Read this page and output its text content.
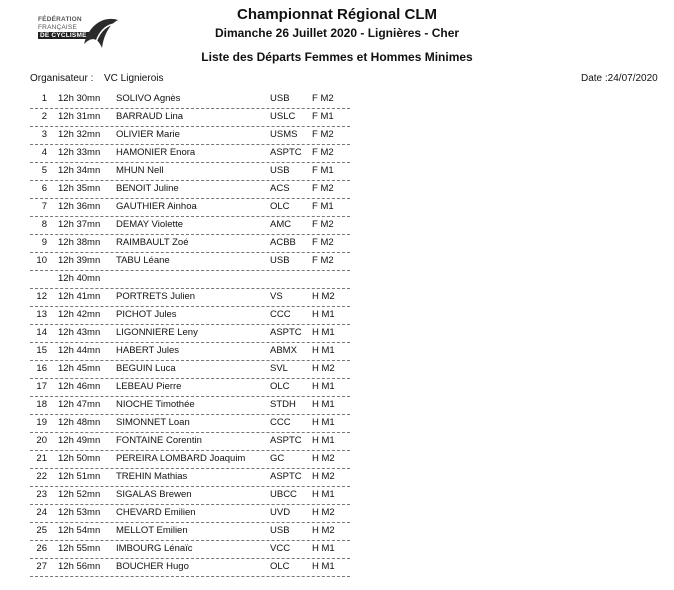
FÉDÉRATION
FRANÇAISE
DE CYCLISME
Championnat Régional CLM
Dimanche 26 Juillet 2020 - Lignières - Cher
Liste des Départs Femmes et Hommes Minimes
Organisateur : VC Lignierois	Date :24/07/2020
1 12h 30mn SOLIVO Agnès	USB F M2
2 12h 31mn BARRAUD Lina	USLC F M1
3 12h 32mn OLIVIER Marie	USMS F M2
4 12h 33mn HAMONIER Enora	ASPTC F M2
5 12h 34mn MHUN Nell	USB F M1
6 12h 35mn BENOIT Juline	ACS F M2
7 12h 36mn GAUTHIER Ainhoa	OLC F M1
8 12h 37mn DEMAY Violette	AMC F M2
9 12h 38mn RAIMBAULT Zoé	ACBB F M2
10 12h 39mn TABU Léane	USB F M2
12h 40mn
12 12h 41mn PORTRETS Julien	VS	H M2
13 12h 42mn PICHOT Jules	CCC H M1
14 12h 43mn LIGONNIERE Leny	ASPTC H M1
15 12h 44mn HABERT Jules	ABMX H M1
16 12h 45mn BEGUIN Luca	SVL	H M2
17 12h 46mn LEBEAU Pierre	OLC H M1
18 12h 47mn NIOCHE Timothée	STDH H M1
19 12h 48mn SIMONNET Loan	CCC H M1
20 12h 49mn FONTAINE Corentin	ASPTC H M1
21 12h 50mn PEREIRA LOMBARD Joaquim	GC	H M2
22 12h 51mn TREHIN Mathias	ASPTC H M2
23 12h 52mn SIGALAS Brewen	UBCC H M1
24 12h 53mn CHEVARD Emilien	UVD H M2
25 12h 54mn MELLOT Emilien	USB H M2
26 12h 55mn IMBOURG Lénaïc	VCC H M1
27 12h 56mn BOUCHER Hugo	OLC H M1
